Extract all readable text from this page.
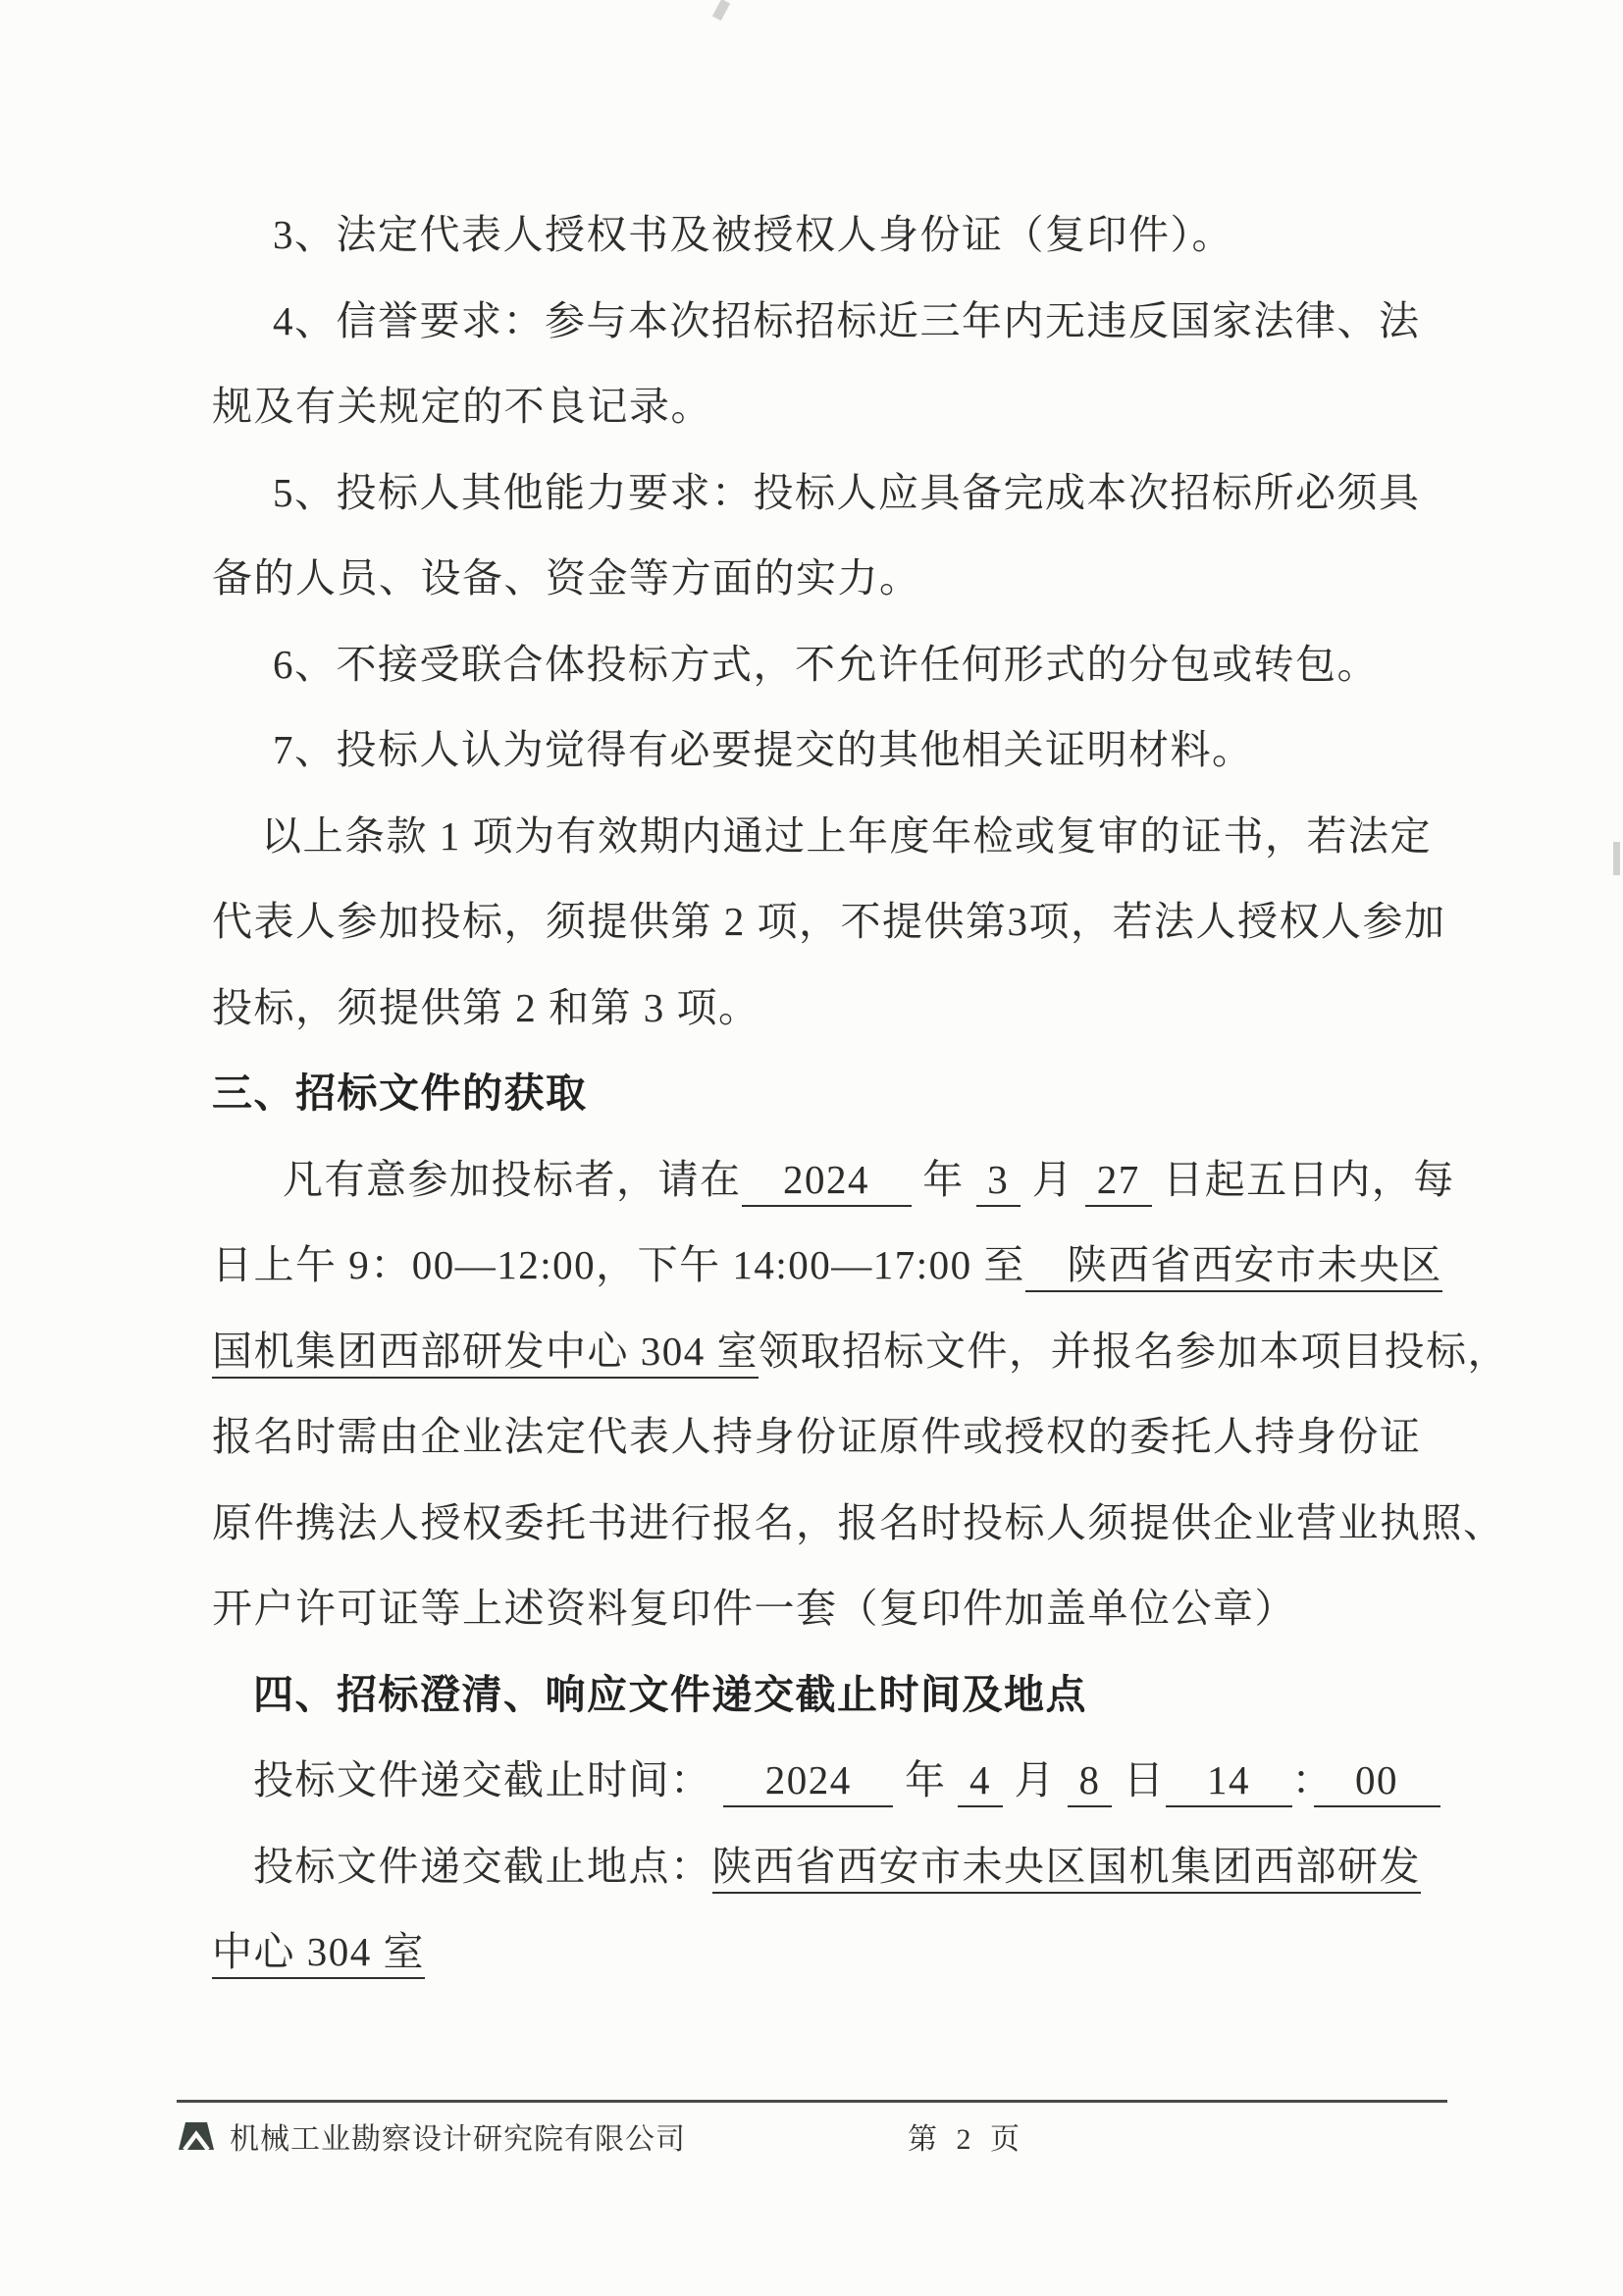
3、法定代表人授权书及被授权人身份证（复印件）。
4、信誉要求：参与本次招标招标近三年内无违反国家法律、法
规及有关规定的不良记录。
5、投标人其他能力要求：投标人应具备完成本次招标所必须具
备的人员、设备、资金等方面的实力。
6、不接受联合体投标方式，不允许任何形式的分包或转包。
7、投标人认为觉得有必要提交的其他相关证明材料。
以上条款 1 项为有效期内通过上年度年检或复审的证书，若法定
代表人参加投标，须提供第 2 项，不提供第3项，若法人授权人参加
投标，须提供第 2 和第 3 项。
三、招标文件的获取
凡有意参加投标者，请在　2024　 年  3  月  27  日起五日内，每
日上午 9：00—12:00，下午 14:00—17:00 至　陕西省西安市未央区
国机集团西部研发中心 304 室领取招标文件，并报名参加本项目投标，
报名时需由企业法定代表人持身份证原件或授权的委托人持身份证
原件携法人授权委托书进行报名，报名时投标人须提供企业营业执照、
开户许可证等上述资料复印件一套（复印件加盖单位公章）
四、招标澄清、响应文件递交截止时间及地点
投标文件递交截止时间： 　2024　 年  4  月  8  日　14　：　00　
投标文件递交截止地点：陕西省西安市未央区国机集团西部研发
中心 304 室
机械工业勘察设计研究院有限公司	第 2 页
